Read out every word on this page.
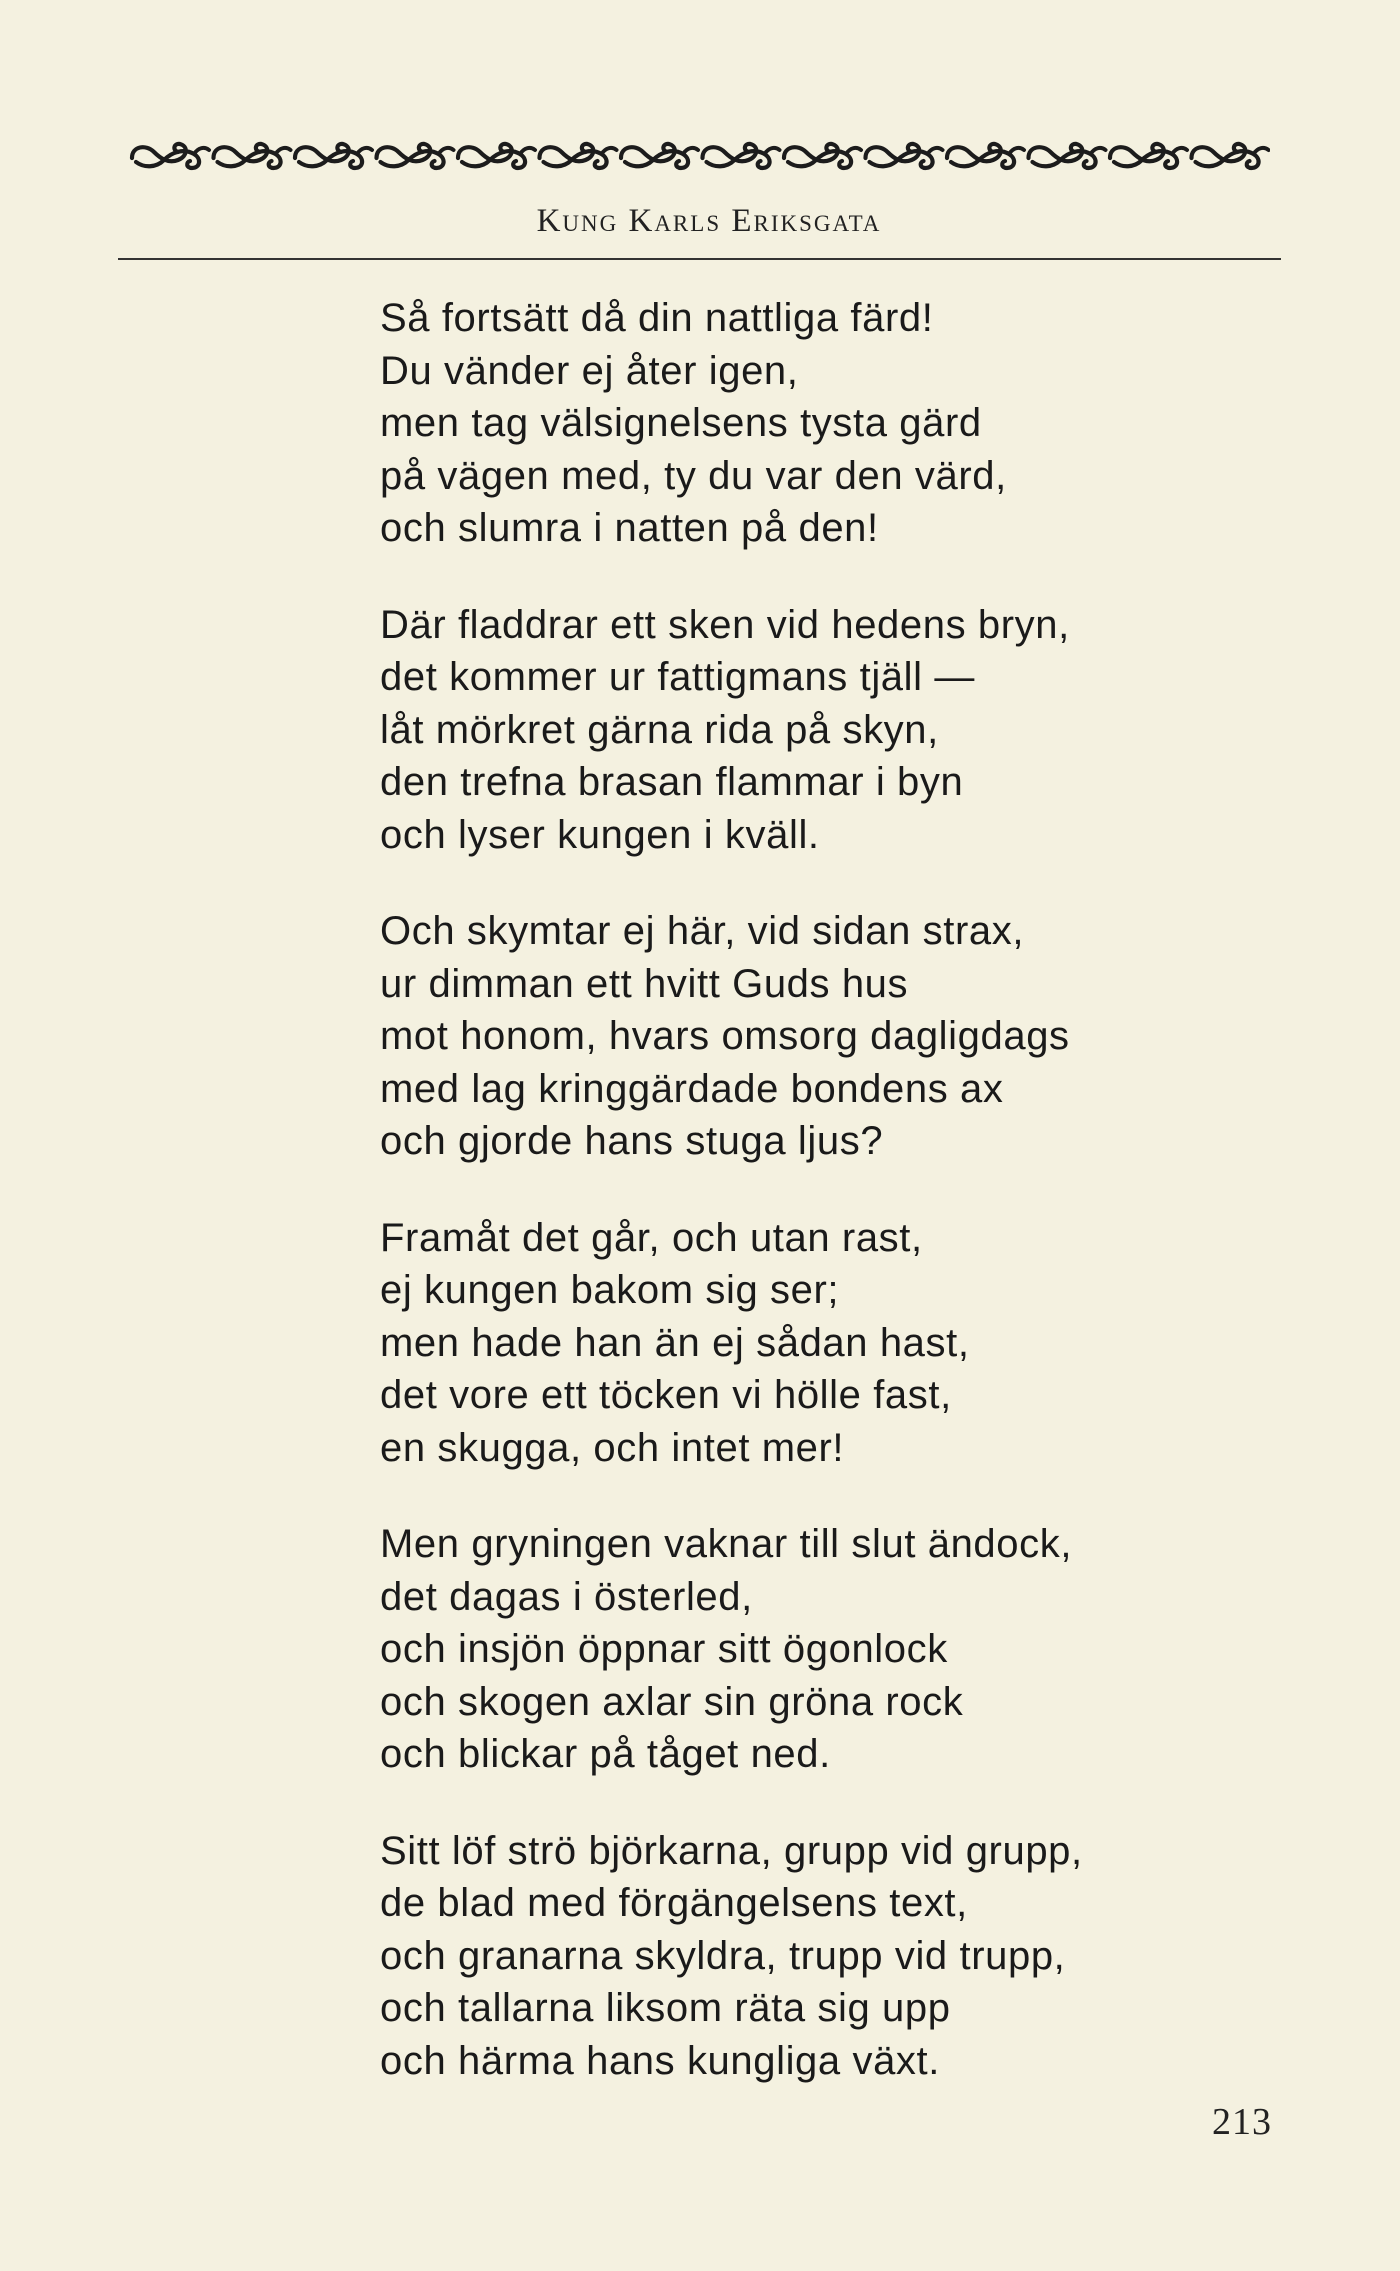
Kung Karls Eriksgata
Så fortsätt då din nattliga färd!
Du vänder ej åter igen,
men tag välsignelsens tysta gärd
på vägen med, ty du var den värd,
och slumra i natten på den!
Där fladdrar ett sken vid hedens bryn,
det kommer ur fattigmans tjäll —
låt mörkret gärna rida på skyn,
den trefna brasan flammar i byn
och lyser kungen i kväll.
Och skymtar ej här, vid sidan strax,
ur dimman ett hvitt Guds hus
mot honom, hvars omsorg dagligdags
med lag kringgärdade bondens ax
och gjorde hans stuga ljus?
Framåt det går, och utan rast,
ej kungen bakom sig ser;
men hade han än ej sådan hast,
det vore ett töcken vi hölle fast,
en skugga, och intet mer!
Men gryningen vaknar till slut ändock,
det dagas i österled,
och insjön öppnar sitt ögonlock
och skogen axlar sin gröna rock
och blickar på tåget ned.
Sitt löf strö björkarna, grupp vid grupp,
de blad med förgängelsens text,
och granarna skyldra, trupp vid trupp,
och tallarna liksom räta sig upp
och härma hans kungliga växt.
213
